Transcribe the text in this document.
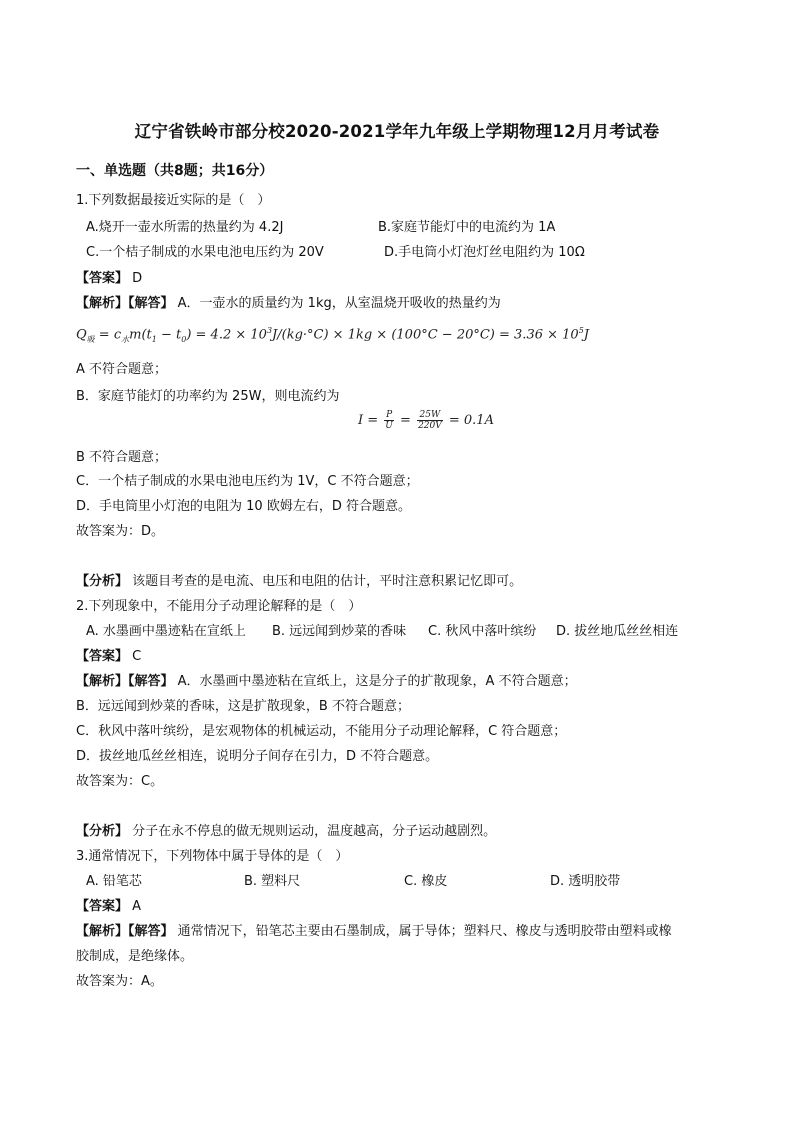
辽宁省铁岭市部分校2020-2021学年九年级上学期物理12月月考试卷
一、单选题（共8题；共16分）
1.下列数据最接近实际的是（　）
A.烧开一壶水所需的热量约为 4.2J	B.家庭节能灯中的电流约为 1A
C.一个桔子制成的水果电池电压约为 20V	D.手电筒小灯泡灯丝电阻约为 10Ω
【答案】 D
【解析】【解答】 A．一壶水的质量约为 1kg，从室温烧开吸收的热量约为
$Q_吸 = c_水m(t_1 - t_0) = 4.2 \times 10^3J/(kg\cdot^\circ C) \times 1kg \times (100^\circ C - 20^\circ C) = 3.36 \times 10^5J$
A 不符合题意；
B．家庭节能灯的功率约为 25W，则电流约为
$I = \frac{P}{U} = \frac{25W}{220V} = 0.1A$
B 不符合题意；
C．一个桔子制成的水果电池电压约为 1V，C 不符合题意；
D．手电筒里小灯泡的电阻为 10 欧姆左右，D 符合题意。
故答案为：D。
【分析】 该题目考查的是电流、电压和电阻的估计，平时注意积累记忆即可。
2.下列现象中，不能用分子动理论解释的是（　）
A. 水墨画中墨迹粘在宣纸上 B. 远远闻到炒菜的香味 C. 秋风中落叶缤纷 D. 拔丝地瓜丝丝相连
【答案】 C
【解析】【解答】 A．水墨画中墨迹粘在宣纸上，这是分子的扩散现象，A 不符合题意；
B．远远闻到炒菜的香味，这是扩散现象，B 不符合题意；
C．秋风中落叶缤纷，是宏观物体的机械运动，不能用分子动理论解释，C 符合题意；
D．拔丝地瓜丝丝相连，说明分子间存在引力，D 不符合题意。
故答案为：C。
【分析】 分子在永不停息的做无规则运动，温度越高，分子运动越剧烈。
3.通常情况下，下列物体中属于导体的是（　）
A. 铅笔芯	B. 塑料尺	C. 橡皮	D. 透明胶带
【答案】 A
【解析】【解答】 通常情况下，铅笔芯主要由石墨制成，属于导体；塑料尺、橡皮与透明胶带由塑料或橡
胶制成，是绝缘体。
故答案为：A。
